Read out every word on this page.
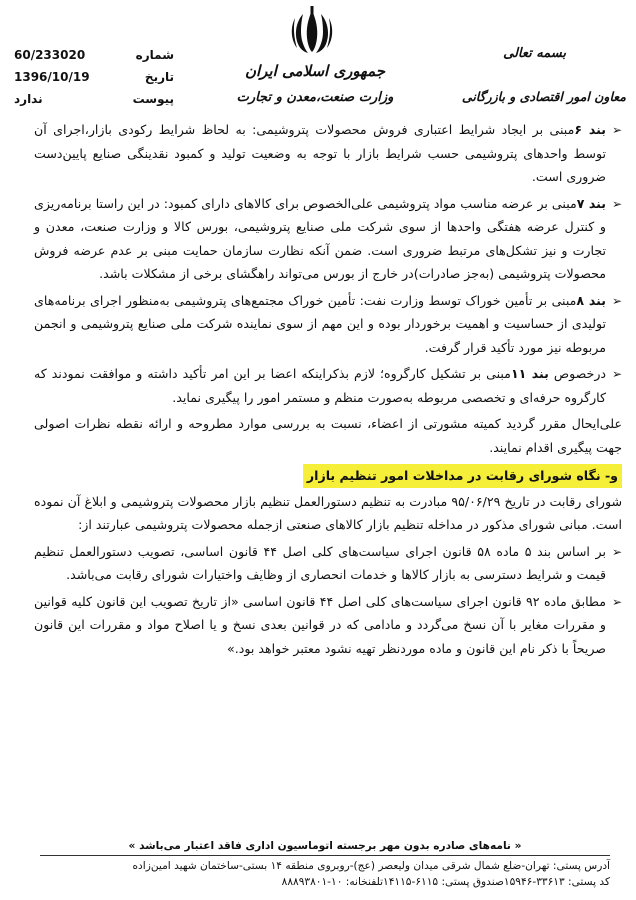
شماره
60/233020
تاریخ
1396/10/19
پیوست
ندارد
جمهوری اسلامی ایران
وزارت صنعت،معدن و تجارت
بسمه تعالی
معاون امور اقتصادی و بازرگانی
➢
بند ۶مبنی بر ایجاد شرایط اعتباری فروش محصولات پتروشیمی: به لحاظ شرایط رکودی بازار،اجرای آن توسط واحدهای پتروشیمی حسب شرایط بازار با توجه به وضعیت تولید و کمبود نقدینگی صنایع پایین‌دست ضروری است.
➢
بند ۷مبنی بر عرضه مناسب مواد پتروشیمی علی‌الخصوص برای کالاهای دارای کمبود: در این راستا برنامه‌ریزی و کنترل عرضه هفتگی واحدها از سوی شرکت ملی صنایع پتروشیمی، بورس کالا و وزارت صنعت، معدن و تجارت و نیز تشکل‌های مرتبط ضروری است. ضمن آنکه نظارت سازمان حمایت مبنی بر عدم عرضه فروش محصولات پتروشیمی (به‌جز صادرات)در خارج از بورس می‌تواند راهگشای برخی از مشکلات باشد.
➢
بند ۸مبنی بر تأمین خوراک توسط وزارت نفت: تأمین خوراک مجتمع‌های پتروشیمی به‌منظور اجرای برنامه‌های تولیدی از حساسیت و اهمیت برخوردار بوده و این مهم از سوی نماینده شرکت ملی صنایع پتروشیمی و انجمن مربوطه نیز مورد تأکید قرار گرفت.
➢
درخصوص بند ۱۱مبنی بر تشکیل کارگروه؛ لازم بذکراینکه اعضا بر این امر تأکید داشته و موافقت نمودند که کارگروه حرفه‌ای و تخصصی مربوطه به‌صورت منظم و مستمر امور را پیگیری نماید.
علی‌ایحال مقرر گردید کمیته مشورتی از اعضاء، نسبت به بررسی موارد مطروحه و ارائه نقطه نظرات اصولی جهت پیگیری اقدام نمایند.
و- نگاه شورای رقابت در مداخلات امور تنظیم بازار
شورای رقابت در تاریخ ۹۵/۰۶/۲۹ مبادرت به تنظیم دستورالعمل تنظیم بازار محصولات پتروشیمی و ابلاغ آن نموده است. مبانی شورای مذکور در مداخله تنظیم بازار کالاهای صنعتی ازجمله محصولات پتروشیمی عبارتند از:
➢
بر اساس بند ۵ ماده ۵۸ قانون اجرای سیاست‌های کلی اصل ۴۴ قانون اساسی، تصویب دستورالعمل تنظیم قیمت و شرایط دسترسی به بازار کالاها و خدمات انحصاری از وظایف واختیارات شورای رقابت می‌باشد.
➢
مطابق ماده ۹۲ قانون اجرای سیاست‌های کلی اصل ۴۴ قانون اساسی «از تاریخ تصویب این قانون کلیه قوانین و مقررات مغایر با آن نسخ می‌گردد و مادامی که در قوانین بعدی نسخ و یا اصلاح مواد و مقررات این قانون صریحاً با ذکر نام این قانون و ماده موردنظر تهیه نشود معتبر خواهد بود.»
« نامه‌های صادره بدون مهر برجسته اتوماسیون اداری فاقد اعتبار می‌باشد »
آدرس پستی: تهران-ضلع شمال شرقی میدان ولیعصر (عج)-روبروی منطقه ۱۴ بستی-ساختمان شهید امین‌زاده
کد پستی: ۳۳۶۱۳-۱۵۹۴۶صندوق پستی: ۶۱۱۵-۱۴۱۱۵تلفنخانه: ۱۰-۸۸۸۹۳۸۰۱
